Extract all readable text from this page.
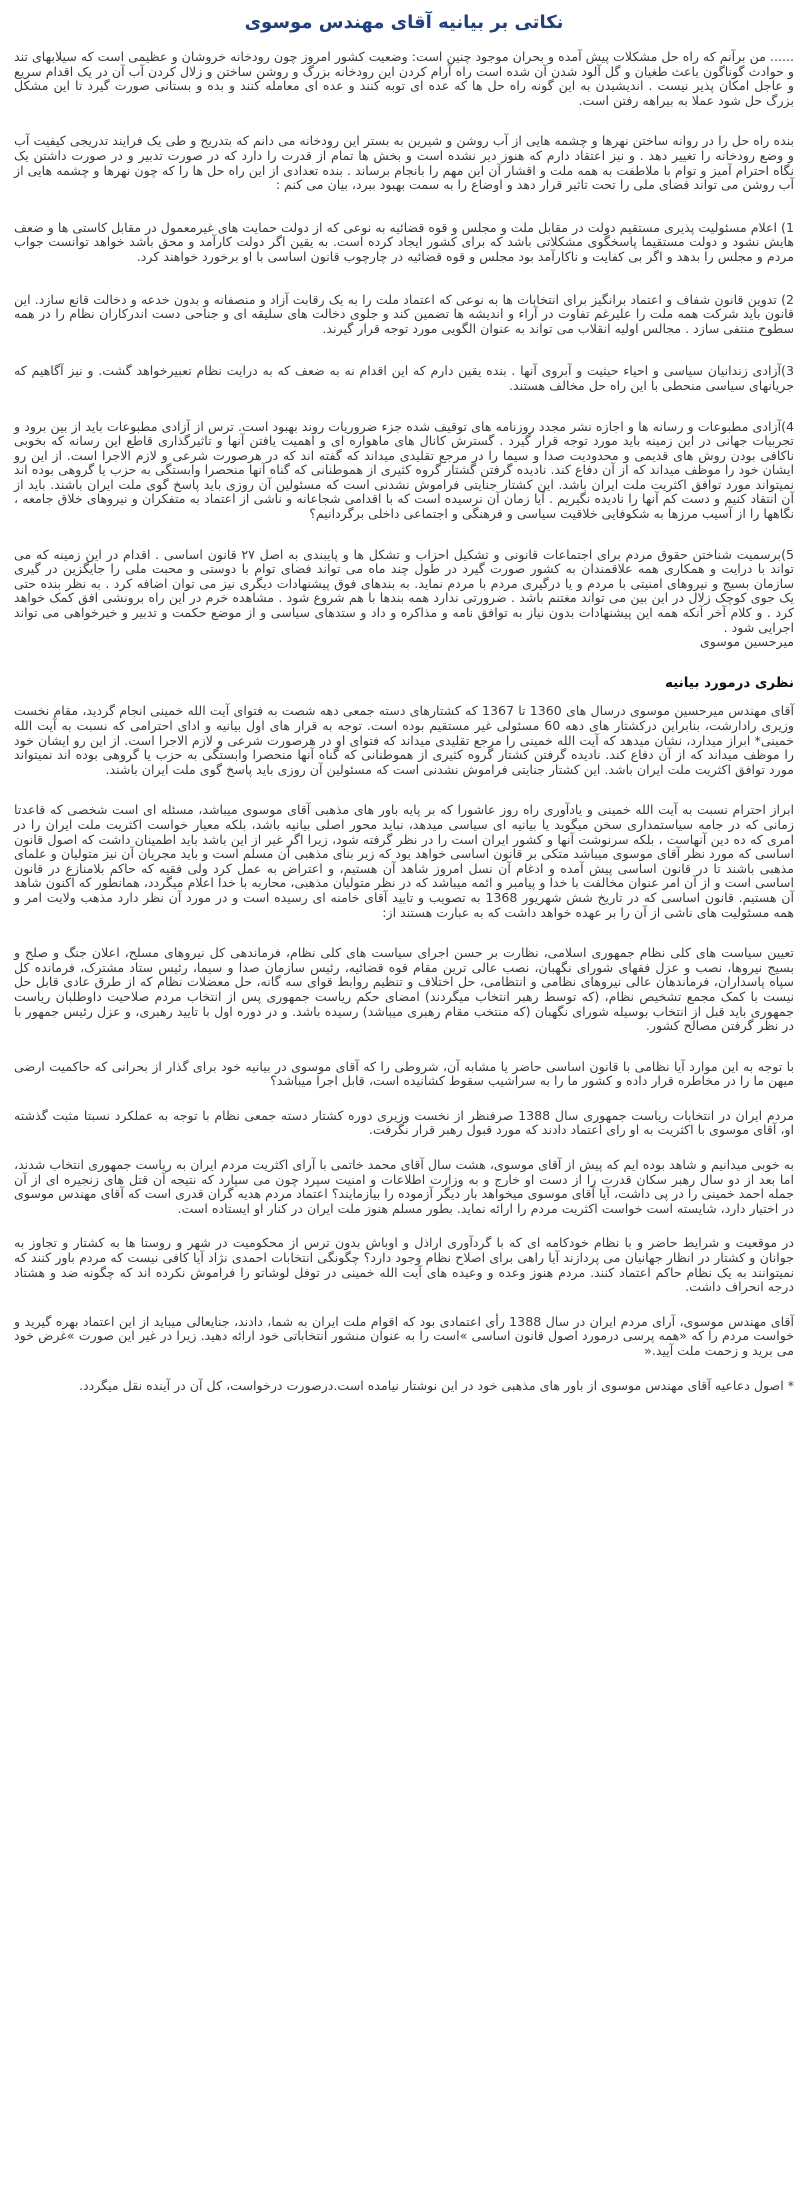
نکاتی بر بیانیه آقای مهندس موسوی

...... من برآنم که راه حل مشکلات پیش آمده و بحران موجود چنین است: وضعیت کشور امروز چون رودخانه خروشان و عظیمی است که سیلابهای تند و حوادث گوناگون باعث طغیان و گل آلود شدن آن شده است راه آرام کردن این رودخانه بزرگ و روشن ساختن و زلال کردن آب آن در یک اقدام سریع و عاجل امکان پذیر نیست . اندیشیدن به این گونه راه حل ها که عده ای توبه کنند و عده ای معامله کنند و بده و بستانی صورت گیرد تا این مشکل بزرگ حل شود عملا به بیراهه رفتن است.

بنده راه حل را در روانه ساختن نهرها و چشمه هایی از آب روشن و شیرین به بستر این رودخانه می دانم که بتدریج و طی یک فرایند تدریجی کیفیت آب و وضع رودخانه را تغییر دهد . و نیز اعتقاد دارم که هنوز دیر نشده است و بخش ها تمام از قدرت را دارد که در صورت تدبیر و در صورت داشتن یک نگاه احترام آمیز و توام با ملاطفت به همه ملت و اقشار آن این مهم را بانجام برساند . بنده تعدادی از این راه حل ها را که چون نهرها و چشمه هایی از آب روشن می تواند فضای ملی را تحت تاثیر قرار دهد و اوضاع را به سمت بهبود ببرد، بیان می کنم :

1) اعلام مسئولیت پذیری مستقیم دولت در مقابل ملت و مجلس و قوه قضائیه به نوعی که از دولت حمایت های غیرمعمول در مقابل کاستی ها و ضعف هایش نشود و دولت مستقیما پاسخگوی مشکلاتی باشد که برای کشور ایجاد کرده است. به یقین اگر دولت کارآمد و محق باشد خواهد توانست جواب مردم و مجلس را بدهد و اگر بی کفایت و ناکارآمد بود مجلس و قوه قضائیه در چارچوب قانون اساسی با او برخورد خواهند کرد.

2) تدوین قانون شفاف و اعتماد برانگیز برای انتخابات ها به نوعی که اعتماد ملت را به یک رقابت آزاد و منصفانه و بدون خدعه و دخالت قانع سازد. این قانون باید شرکت همه ملت را علیرغم تفاوت در آراء و اندیشه ها تضمین کند و جلوی دخالت های سلیقه ای و جناحی دست اندرکاران نظام را در همه سطوح منتفی سازد . مجالس اولیه انقلاب می تواند به عنوان الگویی مورد توجه قرار گیرند.

3)آزادی زندانیان سیاسی و احیاء حیثیت و آبروی آنها . بنده یقین دارم که این اقدام نه به ضعف که به درایت نظام تعبیرخواهد گشت. و نیز آگاهیم که جریانهای سیاسی منحطی با این راه حل مخالف هستند.

4)آزادی مطبوعات و رسانه ها و اجازه نشر مجدد روزنامه های توقیف شده جزء ضروریات روند بهبود است. ترس از آزادی مطبوعات باید از بین برود و تجربیات جهانی در این زمینه باید مورد توجه قرار گیرد . گسترش کانال های ماهواره ای و اهمیت یافتن آنها و تاثیرگذاری قاطع این رسانه که بخوبی ناکافی بودن روش های قدیمی و محدودیت صدا و سیما را در مرجع تقلیدی میداند که گفته اند که در هرصورت شرعی و لازم الاجرا است. از این رو ایشان خود را موظف میداند که از آن دفاع کند. نادیده گرفتن گشتار گروه کثیری از هموطنانی که گناه آنها منحصرا وابستگی به حزب یا گروهی بوده اند نمیتواند مورد توافق اکثریت ملت ایران باشد. این کشتار جنایتی فراموش نشدنی است که مسئولین آن روزی باید پاسخ گوی ملت ایران باشند. باید از آن انتقاد کنیم و دست کم آنها را نادیده نگیریم . آیا زمان آن نرسیده است که با اقدامی شجاعانه و ناشی از اعتماد به متفکران و نیروهای خلاق جامعه ، نگاهها را از آسیب مرزها به شکوفایی خلاقیت سیاسی و فرهنگی و اجتماعی داخلی برگردانیم؟

5)برسمیت شناختن حقوق مردم برای اجتماعات قانونی و تشکیل احزاب و تشکل ها و پایبندی به اصل ۲۷ قانون اساسی . اقدام در این زمینه که می تواند با درایت و همکاری همه علاقمندان به کشور صورت گیرد در طول چند ماه می تواند فضای توام با دوستی و محبت ملی را جایگزین در گیری سازمان بسیج و نیروهای امنیتی با مردم و یا درگیری مردم با مردم نماید. به بندهای فوق پیشنهادات دیگری نیز می توان اضافه کرد . به نظر بنده حتی یک جوی کوچک زلال در این بین می تواند مغتنم باشد . ضرورتی ندارد همه بندها با هم شروع شود . مشاهده خرم در این راه برونشی افق کمک خواهد کرد . و کلام آخر آنکه همه این پیشنهادات بدون نیاز به توافق نامه و مذاکره و داد و ستدهای سیاسی و از موضع حکمت و تدبیر و خیرخواهی می تواند اجرایی شود .

میرحسین موسوی

نظری درمورد بیانیه

آقای مهندس میرحسین موسوی درسال های 1360 تا 1367 که کشتارهای دسته جمعی دهه شصت به فتوای آیت الله خمینی انجام گردید، مقام نخست وزیری رادارشت، بنابراین درکشتار های دهه 60 مسئولی غیر مستقیم بوده است. توجه به قرار های اول بیانیه و ادای احترامی که نسبت به آیت الله خمینی* ابراز میدارد، نشان میدهد که آیت الله خمینی را مرجع تقلیدی میداند که فتوای او در هرصورت شرعی و لازم الاجرا است. از این رو ایشان خود را موظف میداند که از آن دفاع کند. نادیده گرفتن کشتار گروه کثیری از هموطنانی که گناه آنها منحصرا وابستگی به حزب یا گروهی بوده اند نمیتواند مورد توافق اکثریت ملت ایران باشد. این کشتار جنایتی فراموش نشدنی است که مسئولین آن روزی باید پاسخ گوی ملت ایران باشند.

ابراز احترام نسبت به آیت الله خمینی و یادآوری راه روز عاشورا که بر پایه باور های مذهبی آقای موسوی میباشد، مسئله ای است شخصی که قاعدتا زمانی که در جامه سیاستمداری سخن میگوید یا بیانیه ای سیاسی میدهد، نباید محور اصلی بیانیه باشد، بلکه معیار خواست اکثریت ملت ایران را در امری که ده دین آنهاست ، بلکه سرنوشت آنها و کشور ایران است را در نظر گرفته شود، زیرا اگر غیر از این باشد باید اطمینان داشت که اصول قانون اساسی که مورد نظر آقای موسوی میباشد متکی بر قانون اساسی خواهد بود که زیر بنای مذهبی آن مسلم است و باید مجریان آن نیز متولیان و علمای مذهبی باشند تا در قانون اساسی پیش آمده و ادغام آن نسل امروز شاهد آن هستیم، و اعتراض به عمل کرد ولی فقیه که حاکم بلامنازع در قانون اساسی است و از آن امر عنوان مخالفت با خدا و پیامبر و ائمه میباشد که در نظر متولیان مذهبی، محاربه با خدا اعلام میگردد، همانطور که اکنون شاهد آن هستیم. قانون اساسی که در تاریخ شش شهریور 1368 به تصویب و تایید آقای خامنه ای رسیده است و در مورد آن نظر دارد مذهب ولایت امر و همه مسئولیت های ناشی از آن را بر عهده خواهد داشت که به عبارت هستند از:

تعیین سیاست های کلی نظام جمهوری اسلامی، نظارت بر حسن اجرای سیاست های کلی نظام، فرماندهی کل نیروهای مسلح، اعلان جنگ و صلح و بسیج نیروها، نصب و عزل فقهای شورای نگهبان، نصب عالی ترین مقام قوه قضائیه، رئیس سازمان صدا و سیما، رئیس ستاد مشترک، فرمانده کل سپاه پاسداران، فرماندهان عالی نیروهای نظامی و انتظامی، حل اختلاف و تنظیم روابط قوای سه گانه، حل معضلات نظام که از طرق عادی قابل حل نیست با کمک مجمع تشخیص نظام، (که توسط رهبر انتخاب میگردند) امضای حکم ریاست جمهوری پس از انتخاب مردم صلاحیت داوطلبان ریاست جمهوری باید قبل از انتخاب بوسیله شورای نگهبان (که منتخب مقام رهبری میباشد) رسیده باشد. و در دوره اول با تایید رهبری، و عزل رئیس جمهور با در نظر گرفتن مصالح کشور.

با توجه به این موارد آیا نظامی با قانون اساسی حاضر یا مشابه آن، شروطی را که آقای موسوی در بیانیه خود برای گذار از بحرانی که حاکمیت ارضی میهن ما را در مخاطره قرار داده و کشور ما را به سراشیب سقوط کشانیده است، قابل اجرا میباشد؟

مردم ایران در انتخابات ریاست جمهوری سال 1388 صرفنظر از نخست وزیری دوره کشتار دسته جمعی نظام با توجه به عملکرد نسبتا مثبت گذشته او، آقای موسوی با اکثریت به او رای اعتماد دادند که مورد قبول رهبر قرار نگرفت.

به خوبی میدانیم و شاهد بوده ایم که پیش از آقای موسوی، هشت سال آقای محمد خاتمی با آرای اکثریت مردم ایران به ریاست جمهوری انتخاب شدند، اما بعد از دو سال رهبر سکان قدرت را از دست او خارج و به وزارت اطلاعات و امنیت سپرد چون می سپارد که نتیجه آن قتل های زنجیره ای از آن جمله احمد خمینی را در پی داشت، آیا آقای موسوی میخواهد بار دیگر آزموده را بیازمایند؟ اعتماد مردم هدیه گران قدری است که آقای مهندس موسوی در اختیار دارد، شایسته است خواست اکثریت مردم را ارائه نماید. بطور مسلم هنوز ملت ایران در کنار او ایستاده است.

در موقعیت و شرایط حاضر و با نظام خودکامه ای که با گردآوری اراذل و اوباش بدون ترس از محکومیت در شهر و روستا ها به کشتار و تجاوز به جوانان و کشتار در انظار جهانیان می پردازند آیا راهی برای اصلاح نظام وجود دارد؟ چگونگی انتخابات احمدی نژاد آیا کافی نیست که مردم باور کنند که نمیتوانند به یک نظام حاکم اعتماد کنند. مردم هنوز وعده و وعیده های آیت الله خمینی در توفل لوشاتو را فراموش نکرده اند که چگونه ضد و هشتاد درجه انحراف داشت.

آقای مهندس موسوی، آرای مردم ایران در سال 1388 رأی اعتمادی بود که اقوام ملت ایران به شما، دادند، جنایعالی میباید از این اعتماد بهره گیرید و خواست مردم را که «همه پرسی درمورد اصول قانون اساسی »است را به عنوان منشور انتخاباتی خود ارائه دهید. زیرا در غیر این صورت »غرض خود می برید و زحمت ملت آیید.«

* اصول دعاعیه آقای مهندس موسوی از باور های مذهبی خود در این نوشتار نیامده است.درصورت درخواست، کل آن در آینده نقل میگردد.
